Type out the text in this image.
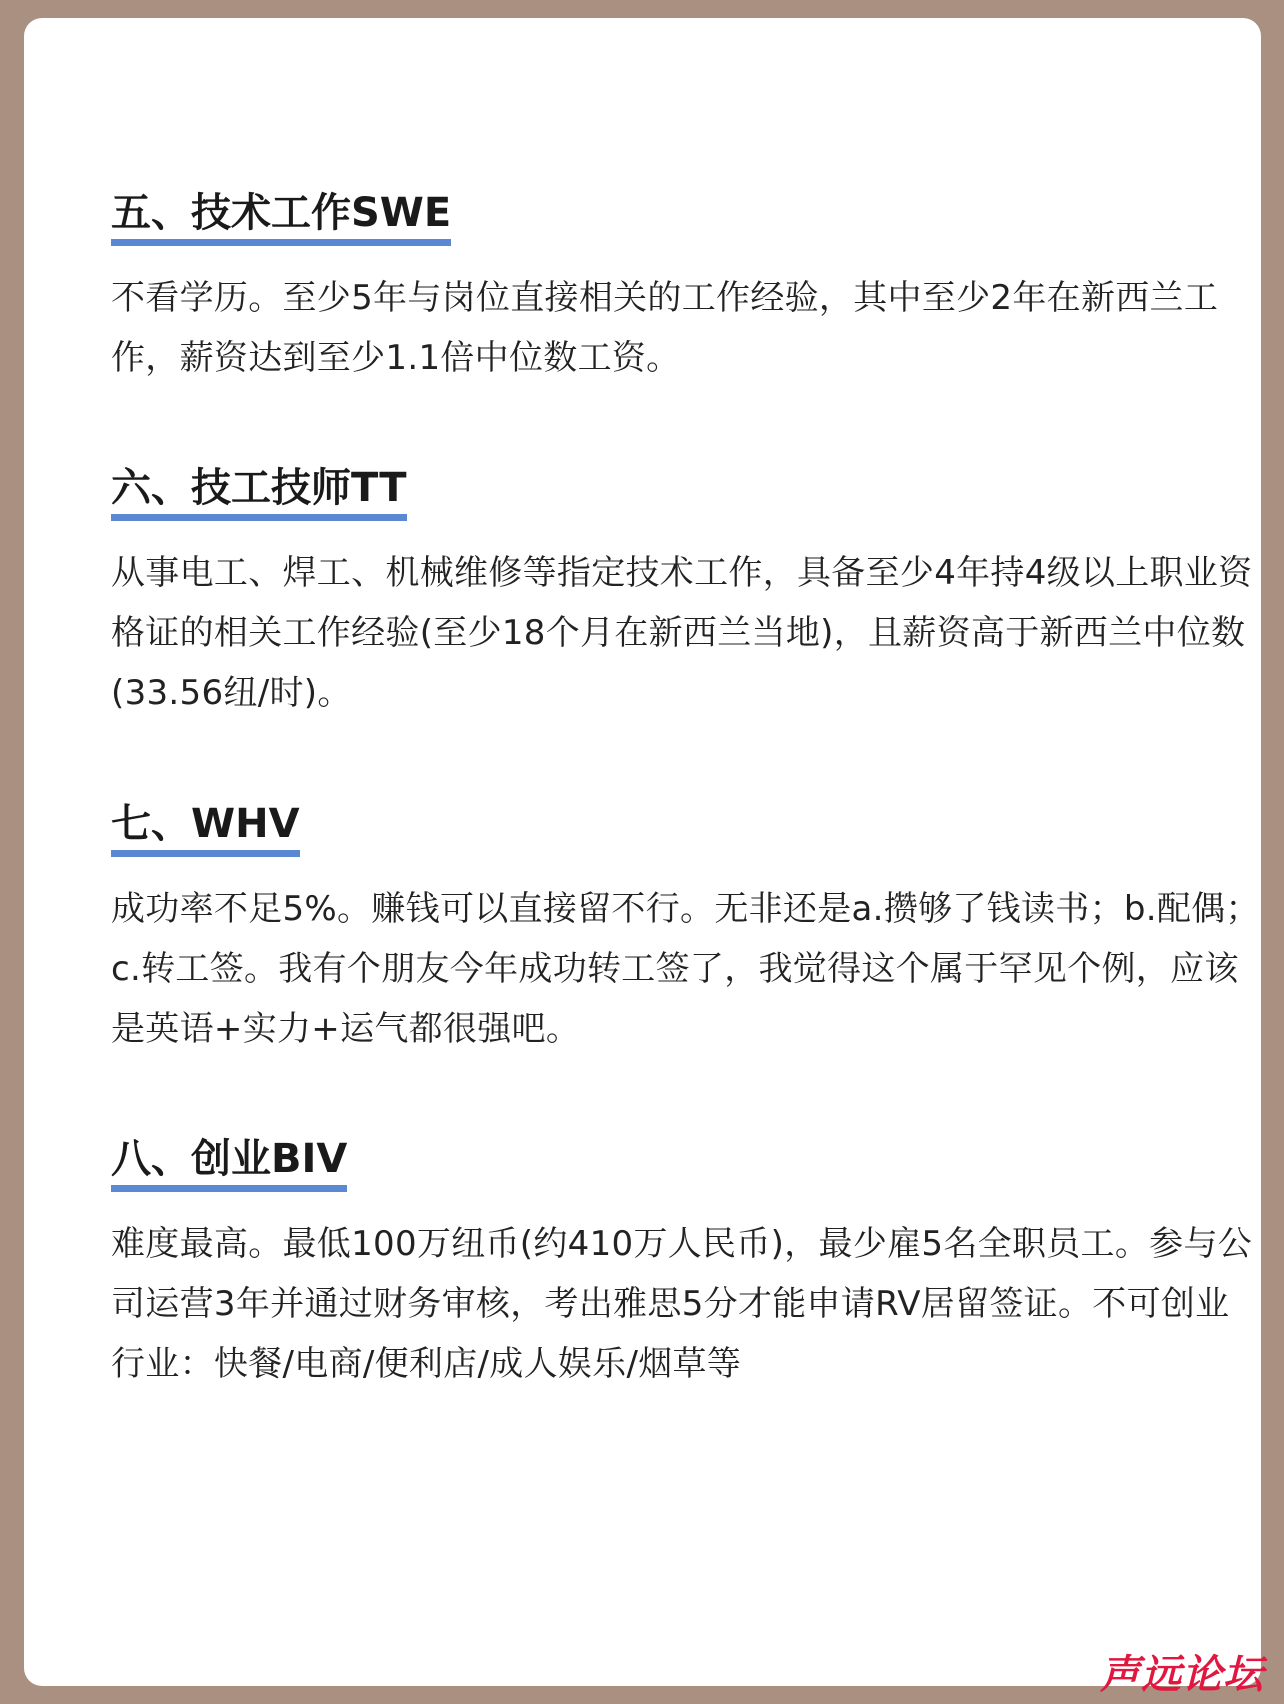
五、技术工作SWE
不看学历。至少5年与岗位直接相关的工作经验，其中至少2年在新西兰工作，薪资达到至少1.1倍中位数工资。
六、技工技师TT
从事电工、焊工、机械维修等指定技术工作，具备至少4年持4级以上职业资格证的相关工作经验(至少18个月在新西兰当地)，且薪资高于新西兰中位数(33.56纽/时)。
七、WHV
成功率不足5%。赚钱可以直接留不行。无非还是a.攒够了钱读书；b.配偶；c.转工签。我有个朋友今年成功转工签了，我觉得这个属于罕见个例，应该是英语+实力+运气都很强吧。
八、创业BIV
难度最高。最低100万纽币(约410万人民币)，最少雇5名全职员工。参与公司运营3年并通过财务审核，考出雅思5分才能申请RV居留签证。不可创业行业：快餐/电商/便利店/成人娱乐/烟草等
声远论坛
